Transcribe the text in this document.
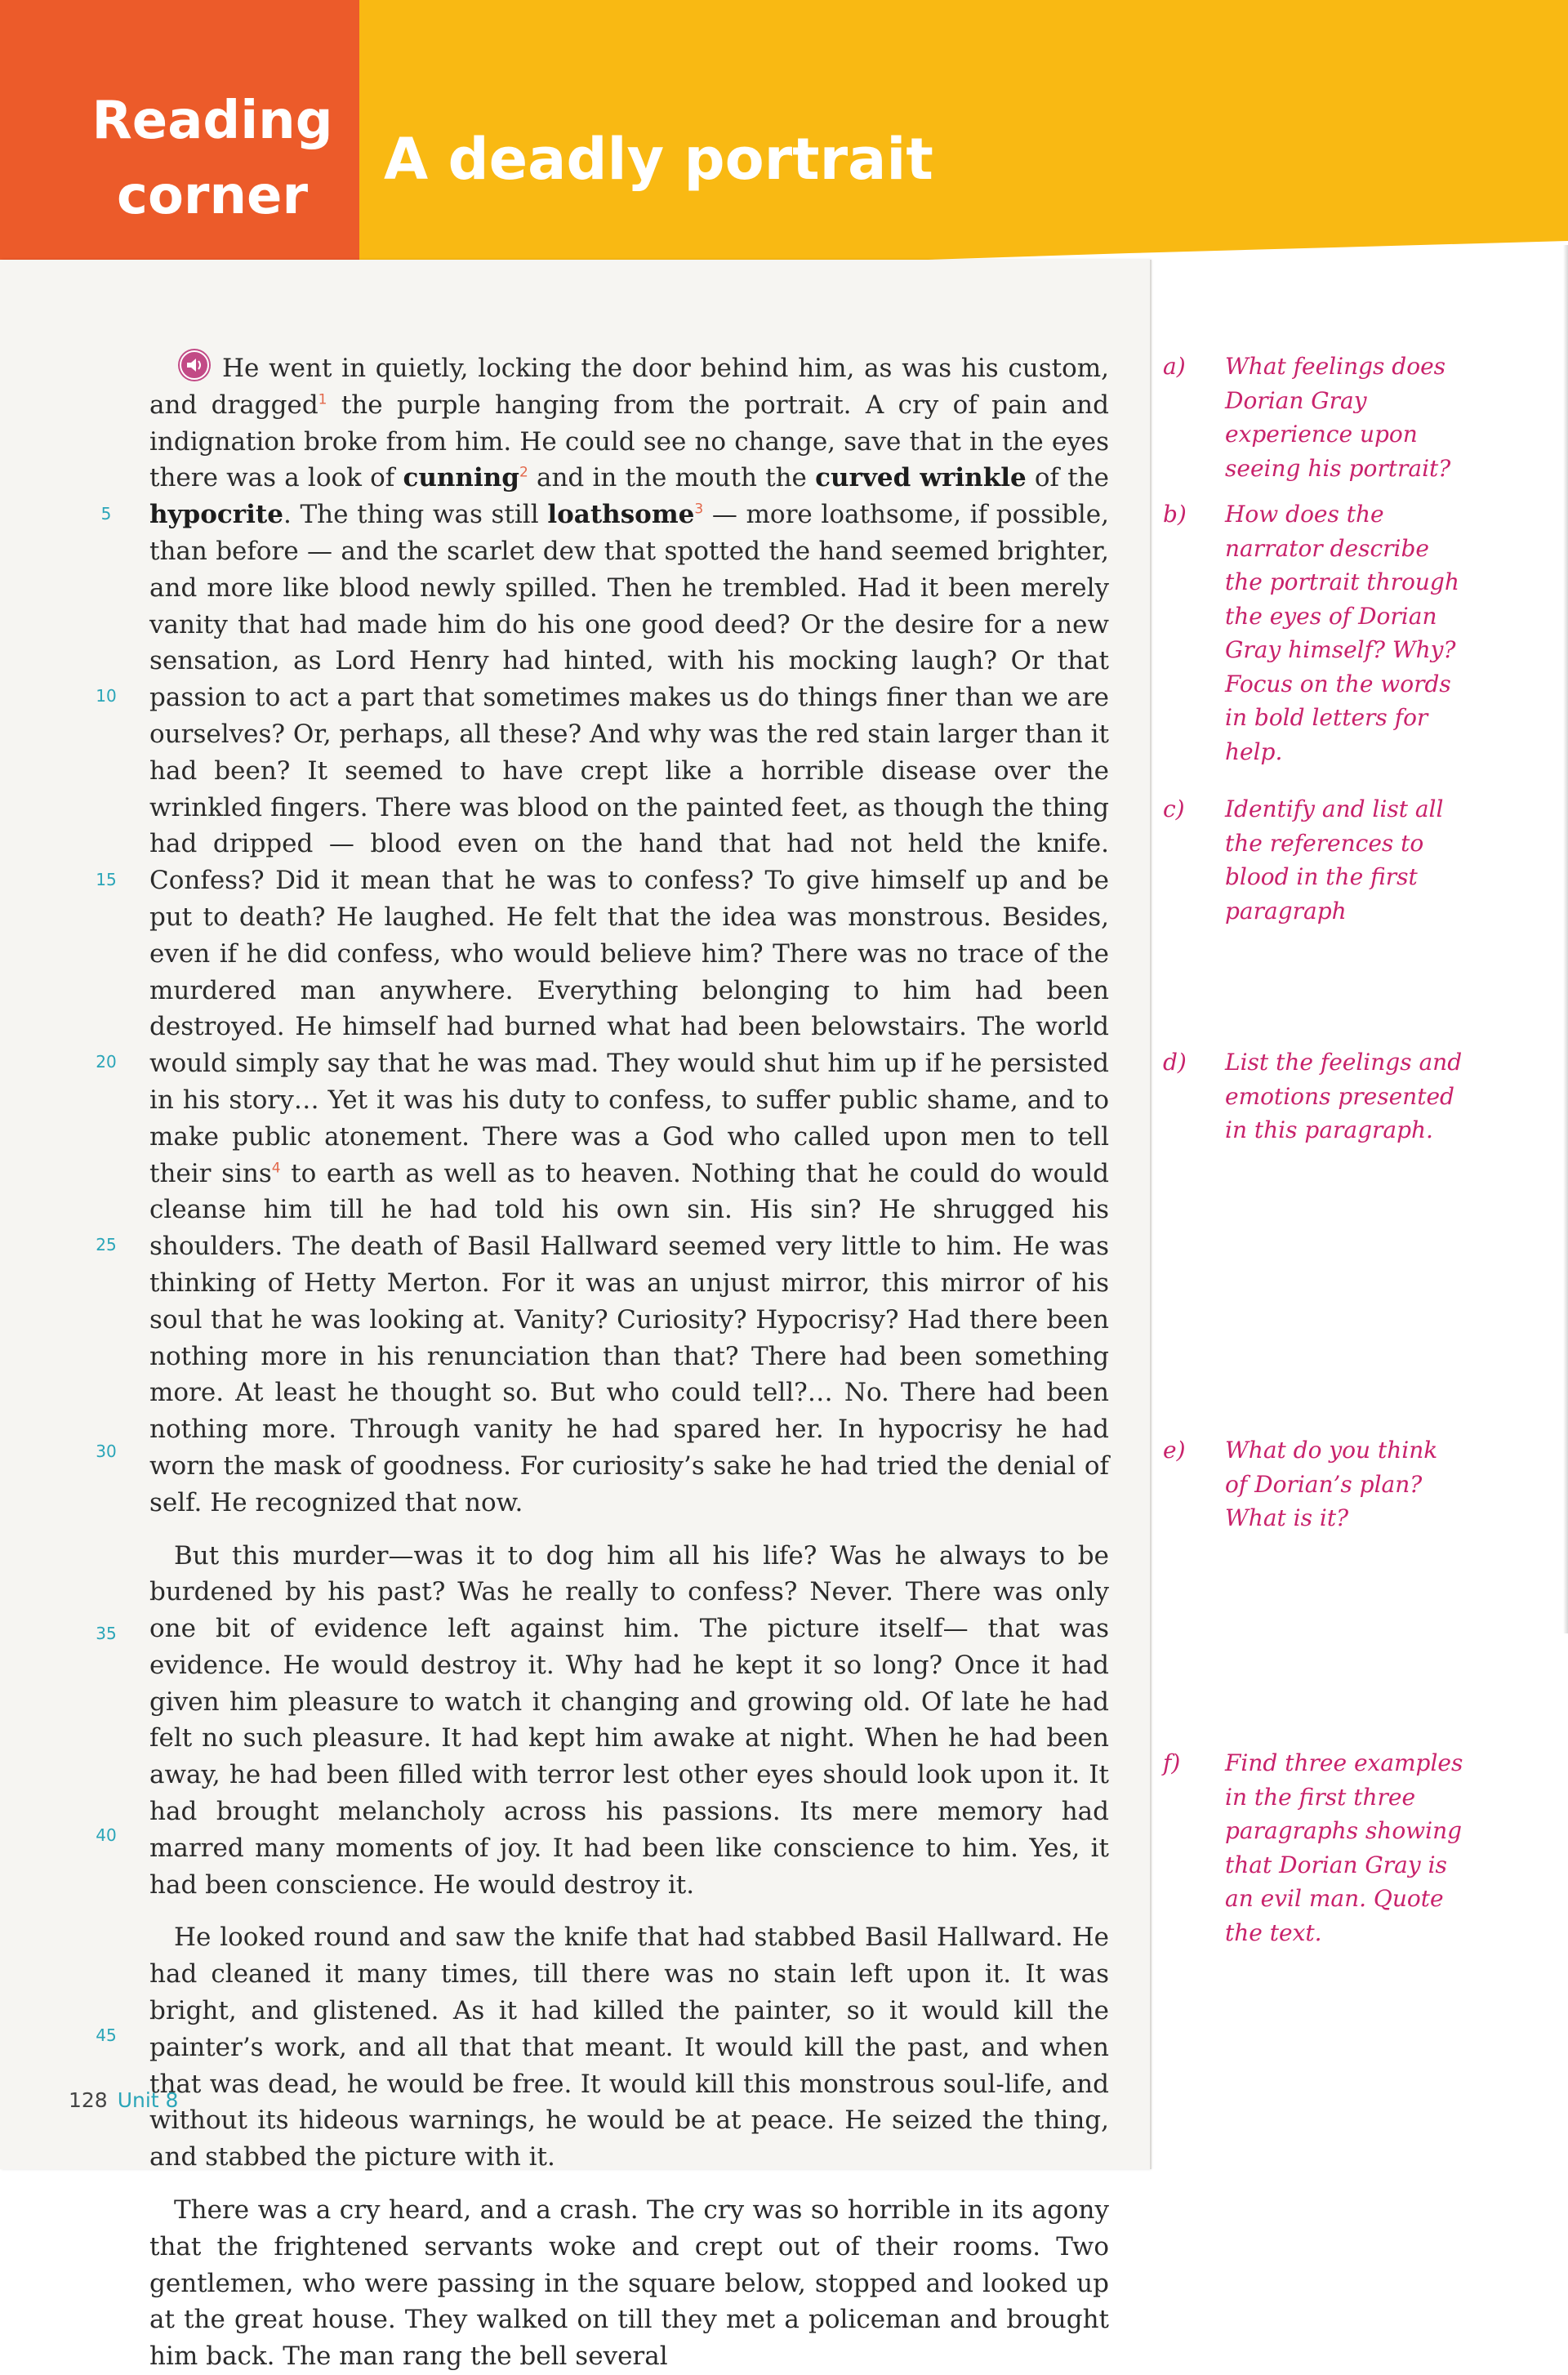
Reading
corner
A deadly portrait

He went in quietly, locking the door behind him, as was his custom, and dragged$^1$ the purple hanging from the portrait. A cry of pain and indignation broke from him. He could see no change, save that in the eyes there was a look of cunning$^2$ and in the mouth the curved wrinkle of the hypocrite. The thing was still loathsome$^3$ — more loathsome, if possible, than before — and the scarlet dew that spotted the hand seemed brighter, and more like blood newly spilled. Then he trembled. Had it been merely vanity that had made him do his one good deed? Or the desire for a new sensation, as Lord Henry had hinted, with his mocking laugh? Or that passion to act a part that sometimes makes us do things finer than we are ourselves? Or, perhaps, all these? And why was the red stain larger than it had been? It seemed to have crept like a horrible disease over the wrinkled fingers. There was blood on the painted feet, as though the thing had dripped — blood even on the hand that had not held the knife. Confess? Did it mean that he was to confess? To give himself up and be put to death? He laughed. He felt that the idea was monstrous. Besides, even if he did confess, who would believe him? There was no trace of the murdered man anywhere. Everything belonging to him had been destroyed. He himself had burned what had been belowstairs. The world would simply say that he was mad. They would shut him up if he persisted in his story… Yet it was his duty to confess, to suffer public shame, and to make public atonement. There was a God who called upon men to tell their sins$^4$ to earth as well as to heaven. Nothing that he could do would cleanse him till he had told his own sin. His sin? He shrugged his shoulders. The death of Basil Hallward seemed very little to him. He was thinking of Hetty Merton. For it was an unjust mirror, this mirror of his soul that he was looking at. Vanity? Curiosity? Hypocrisy? Had there been nothing more in his renunciation than that? There had been something more. At least he thought so. But who could tell?… No. There had been nothing more. Through vanity he had spared her. In hypocrisy he had worn the mask of goodness. For curiosity’s sake he had tried the denial of self. He recognized that now.

But this murder—was it to dog him all his life? Was he always to be burdened by his past? Was he really to confess? Never. There was only one bit of evidence left against him. The picture itself— that was evidence. He would destroy it. Why had he kept it so long? Once it had given him pleasure to watch it changing and growing old. Of late he had felt no such pleasure. It had kept him awake at night. When he had been away, he had been filled with terror lest other eyes should look upon it. It had brought melancholy across his passions. Its mere memory had marred many moments of joy. It had been like conscience to him. Yes, it had been conscience. He would destroy it.

He looked round and saw the knife that had stabbed Basil Hallward. He had cleaned it many times, till there was no stain left upon it. It was bright, and glistened. As it had killed the painter, so it would kill the painter’s work, and all that that meant. It would kill the past, and when that was dead, he would be free. It would kill this monstrous soul-life, and without its hideous warnings, he would be at peace. He seized the thing, and stabbed the picture with it.

There was a cry heard, and a crash. The cry was so horrible in its agony that the frightened servants woke and crept out of their rooms. Two gentlemen, who were passing in the square below, stopped and looked up at the great house. They walked on till they met a policeman and brought him back. The man rang the bell several

5
10
15
20
25
30
35
40
45
a) What feelings does Dorian Gray experience upon seeing his portrait?
b) How does the narrator describe the portrait through the eyes of Dorian Gray himself? Why? Focus on the words in bold letters for help.
c) Identify and list all the references to blood in the first paragraph
d) List the feelings and emotions presented in this paragraph.
e) What do you think of Dorian’s plan? What is it?
f) Find three examples in the first three paragraphs showing that Dorian Gray is an evil man. Quote the text.
128 Unit 8
